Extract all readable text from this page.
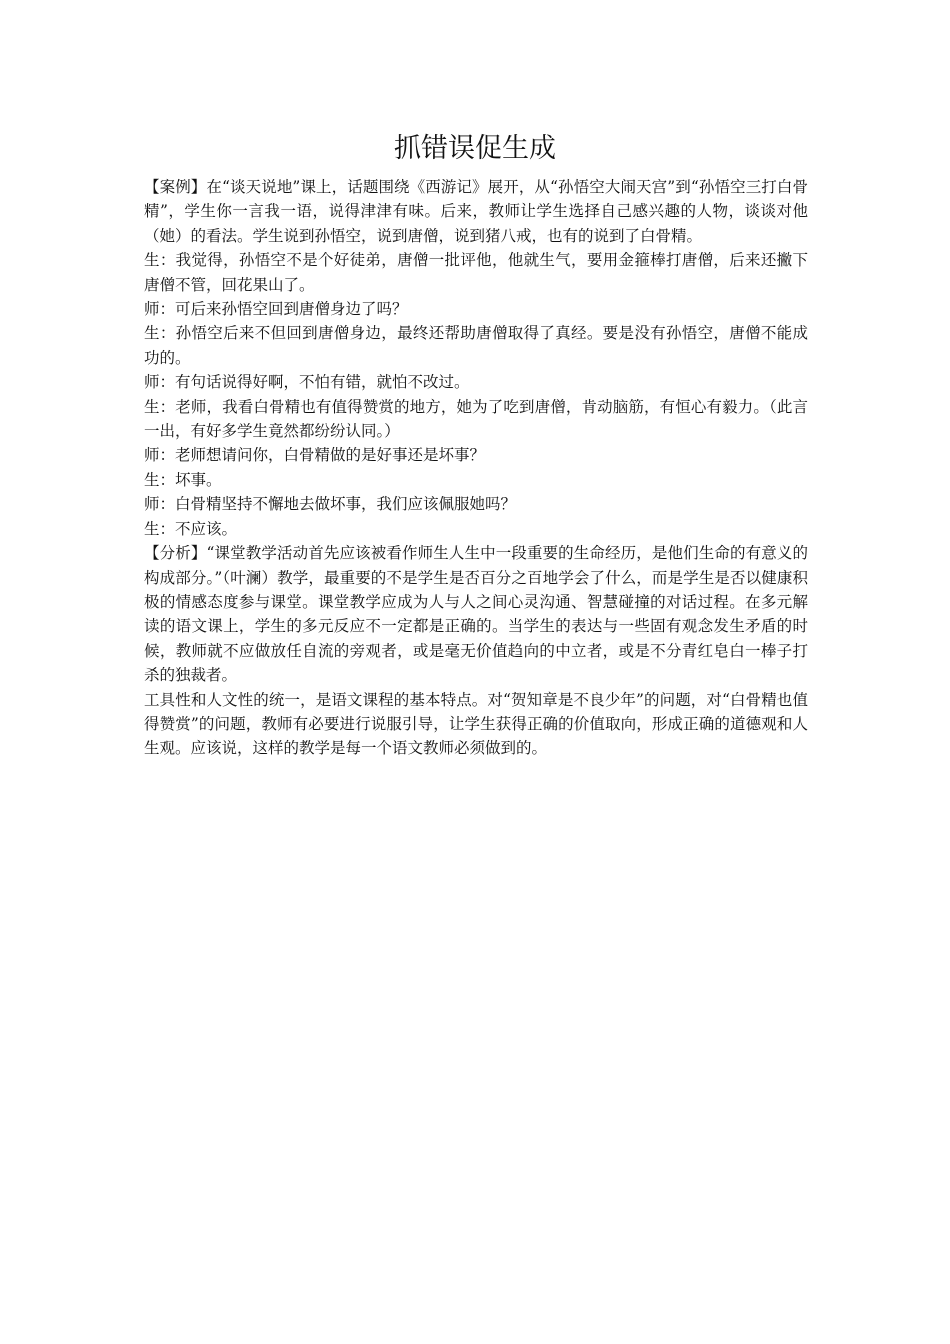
抓错误促生成

【案例】在“谈天说地”课上，话题围绕《西游记》展开，从“孙悟空大闹天宫”到“孙悟空三打白骨精”，学生你一言我一语，说得津津有味。后来，教师让学生选择自己感兴趣的人物，谈谈对他（她）的看法。学生说到孙悟空，说到唐僧，说到猪八戒，也有的说到了白骨精。

生：我觉得，孙悟空不是个好徒弟，唐僧一批评他，他就生气，要用金箍棒打唐僧，后来还撇下唐僧不管，回花果山了。

师：可后来孙悟空回到唐僧身边了吗？

生：孙悟空后来不但回到唐僧身边，最终还帮助唐僧取得了真经。要是没有孙悟空，唐僧不能成功的。

师：有句话说得好啊，不怕有错，就怕不改过。

生：老师，我看白骨精也有值得赞赏的地方，她为了吃到唐僧，肯动脑筋，有恒心有毅力。（此言一出，有好多学生竟然都纷纷认同。）

师：老师想请问你，白骨精做的是好事还是坏事？

生：坏事。

师：白骨精坚持不懈地去做坏事，我们应该佩服她吗？

生：不应该。

【分析】“课堂教学活动首先应该被看作师生人生中一段重要的生命经历，是他们生命的有意义的构成部分。”（叶澜）教学，最重要的不是学生是否百分之百地学会了什么，而是学生是否以健康积极的情感态度参与课堂。课堂教学应成为人与人之间心灵沟通、智慧碰撞的对话过程。在多元解读的语文课上，学生的多元反应不一定都是正确的。当学生的表达与一些固有观念发生矛盾的时候，教师就不应做放任自流的旁观者，或是毫无价值趋向的中立者，或是不分青红皂白一棒子打杀的独裁者。

工具性和人文性的统一，是语文课程的基本特点。对“贺知章是不良少年”的问题，对“白骨精也值得赞赏”的问题，教师有必要进行说服引导，让学生获得正确的价值取向，形成正确的道德观和人生观。应该说，这样的教学是每一个语文教师必须做到的。
